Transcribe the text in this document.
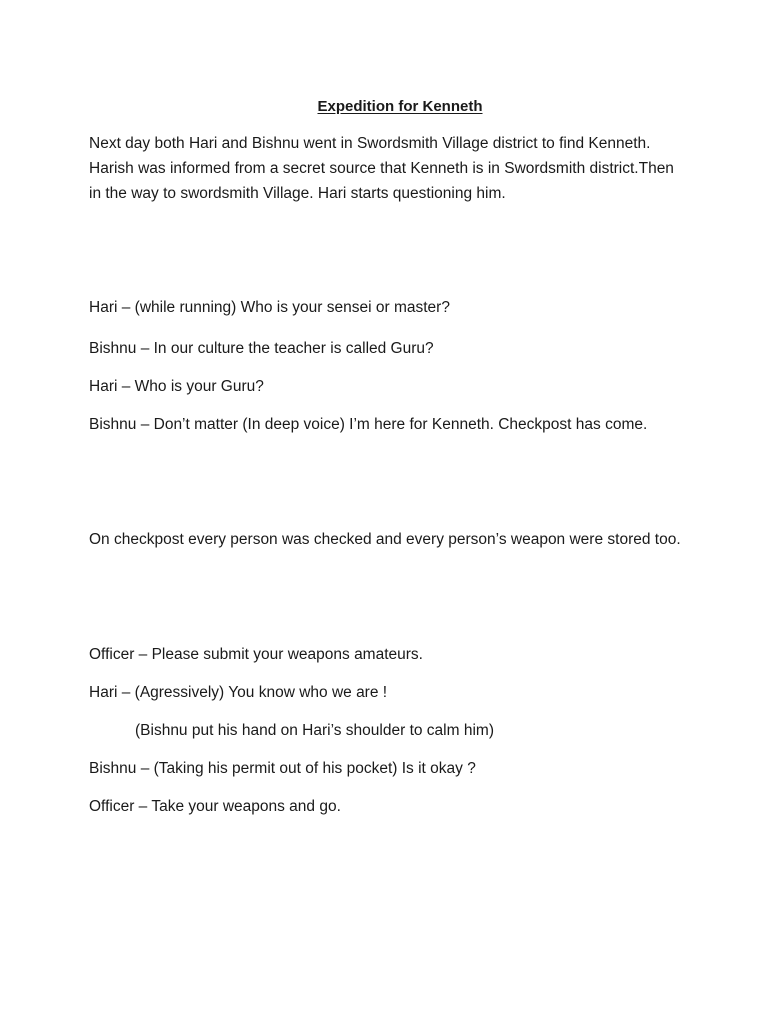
Expedition for Kenneth

Next day both Hari and Bishnu went in Swordsmith Village district to find Kenneth.

Harish was informed from a secret source that Kenneth is in Swordsmith district.Then

in the way to swordsmith Village. Hari starts questioning him.

Hari – (while running) Who is your sensei or master?

Bishnu – In our culture the teacher is called Guru?

Hari – Who is your Guru?

Bishnu – Don’t matter (In deep voice) I’m here for Kenneth. Checkpost has come.

On checkpost every person was checked and every person’s weapon were stored too.

Officer – Please submit your weapons amateurs.

Hari – (Agressively) You know who we are !

(Bishnu put his hand on Hari’s shoulder to calm him)

Bishnu – (Taking his permit out of his pocket) Is it okay ?

Officer – Take your weapons and go.
